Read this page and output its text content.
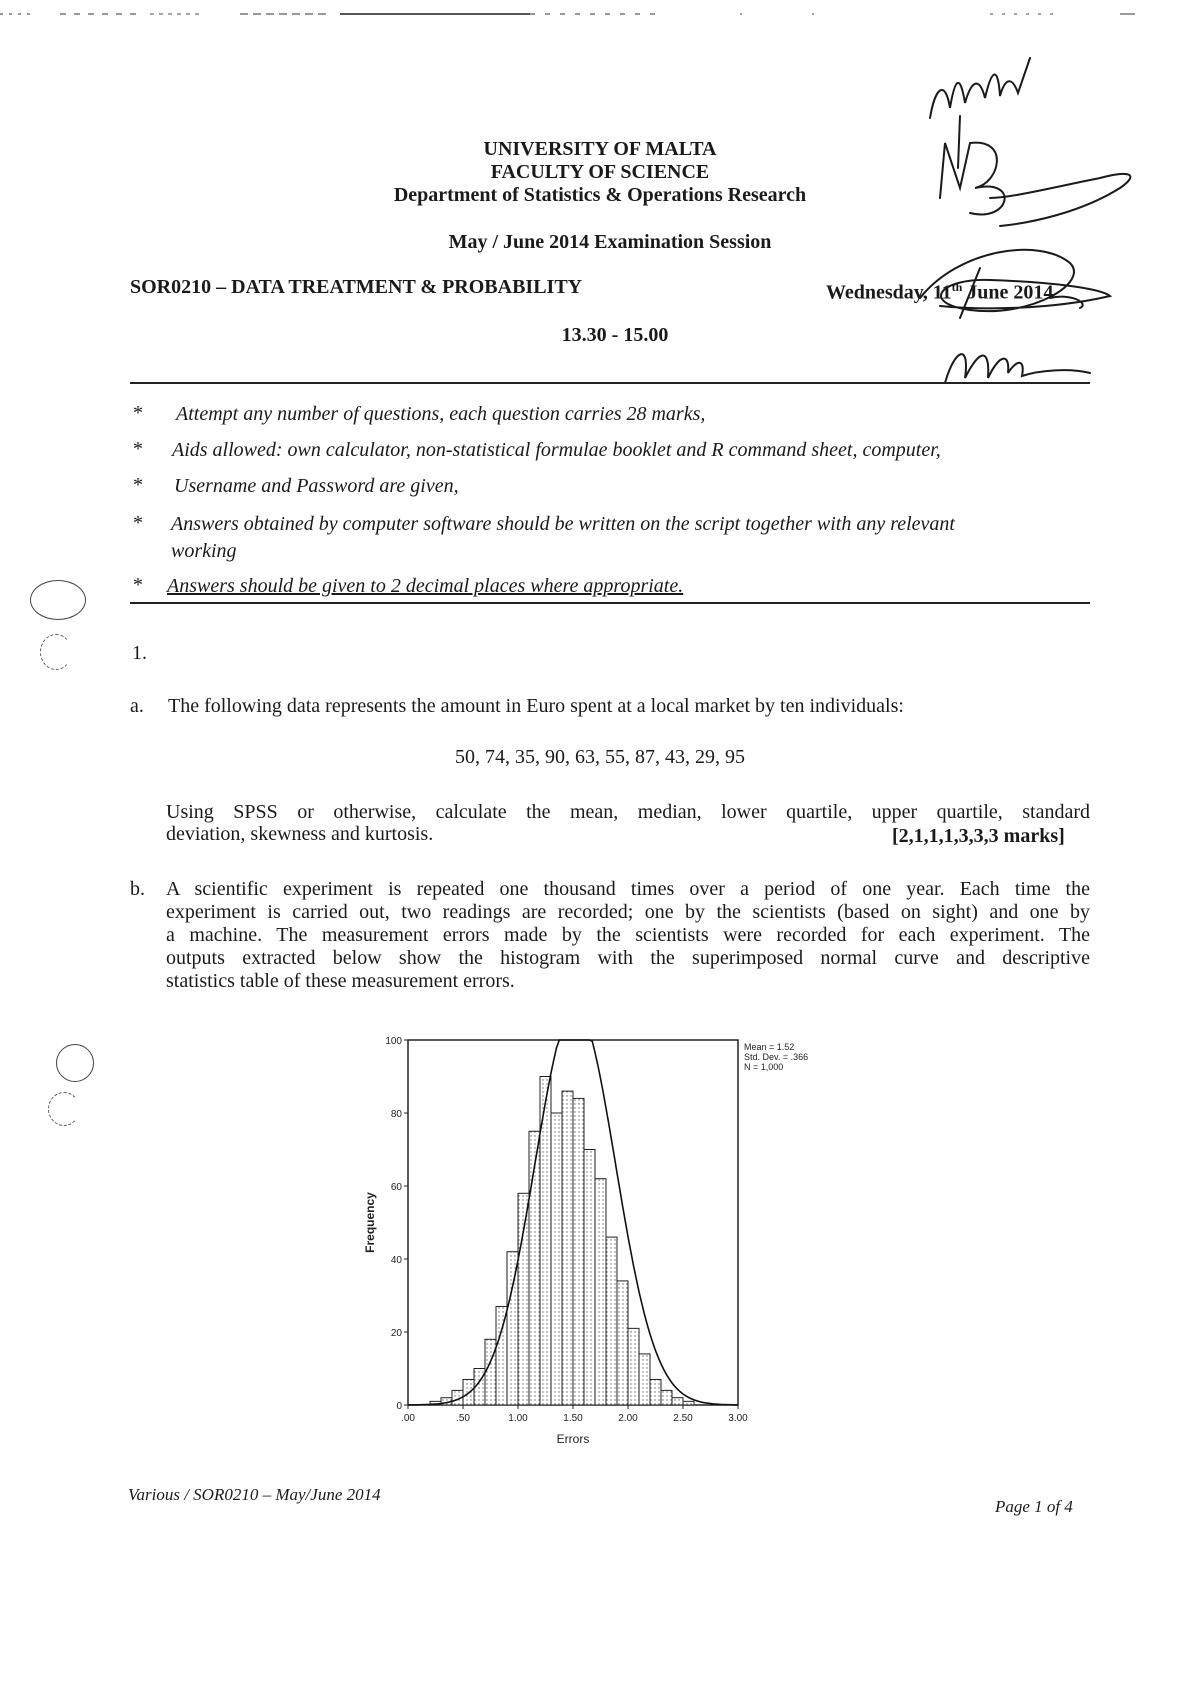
UNIVERSITY OF MALTA
FACULTY OF SCIENCE
Department of Statistics & Operations Research
May / June 2014 Examination Session
SOR0210 – DATA TREATMENT & PROBABILITY	Wednesday, 11th June 2014
13.30 - 15.00
* Attempt any number of questions, each question carries 28 marks,
* Aids allowed: own calculator, non-statistical formulae booklet and R command sheet, computer,
* Username and Password are given,
* Answers obtained by computer software should be written on the script together with any relevant
working
* Answers should be given to 2 decimal places where appropriate.
1.
a. The following data represents the amount in Euro spent at a local market by ten individuals:
50, 74, 35, 90, 63, 55, 87, 43, 29, 95
Using SPSS or otherwise, calculate the mean, median, lower quartile, upper quartile, standard
deviation, skewness and kurtosis.	[2,1,1,1,3,3,3 marks]
b. A scientific experiment is repeated one thousand times over a period of one year. Each time the
experiment is carried out, two readings are recorded; one by the scientists (based on sight) and one by
a machine. The measurement errors made by the scientists were recorded for each experiment. The
outputs extracted below show the histogram with the superimposed normal curve and descriptive
statistics table of these measurement errors.
0
20
40
60
80
100
.00	.50	1.00	1.50	2.00	2.50	3.00
Errors
Frequency
Mean = 1.52
Std. Dev. = .366
N = 1,000
Various / SOR0210 – May/June 2014
Page 1 of 4
